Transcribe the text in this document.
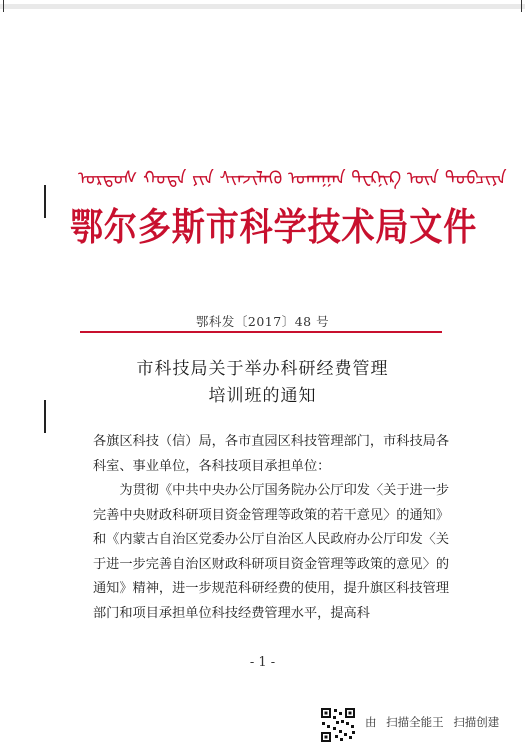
ᠣᠷᠳᠣᠰ ᠬᠣᠲᠠ ᠶᠢᠨ ᠱᠢᠨᠵᠢᠯᠡᠬᠦ ᠤᠬᠠᠭᠠᠨ ᠲᠧᠺᠨᠢᠺ ᠦᠨ ᠲᠣᠪᠴᠢᠶᠠ
鄂尔多斯市科学技术局文件
鄂科发〔2017〕48 号
市科技局关于举办科研经费管理
培训班的通知

各旗区科技（信）局，各市直园区科技管理部门，市科技局各科室、事业单位，各科技项目承担单位：

为贯彻《中共中央办公厅国务院办公厅印发〈关于进一步完善中央财政科研项目资金管理等政策的若干意见〉的通知》和《内蒙古自治区党委办公厅自治区人民政府办公厅印发〈关于进一步完善自治区财政科研项目资金管理等政策的意见〉的通知》精神，进一步规范科研经费的使用，提升旗区科技管理部门和项目承担单位科技经费管理水平，提高科

- 1 -
由 扫描全能王 扫描创建
